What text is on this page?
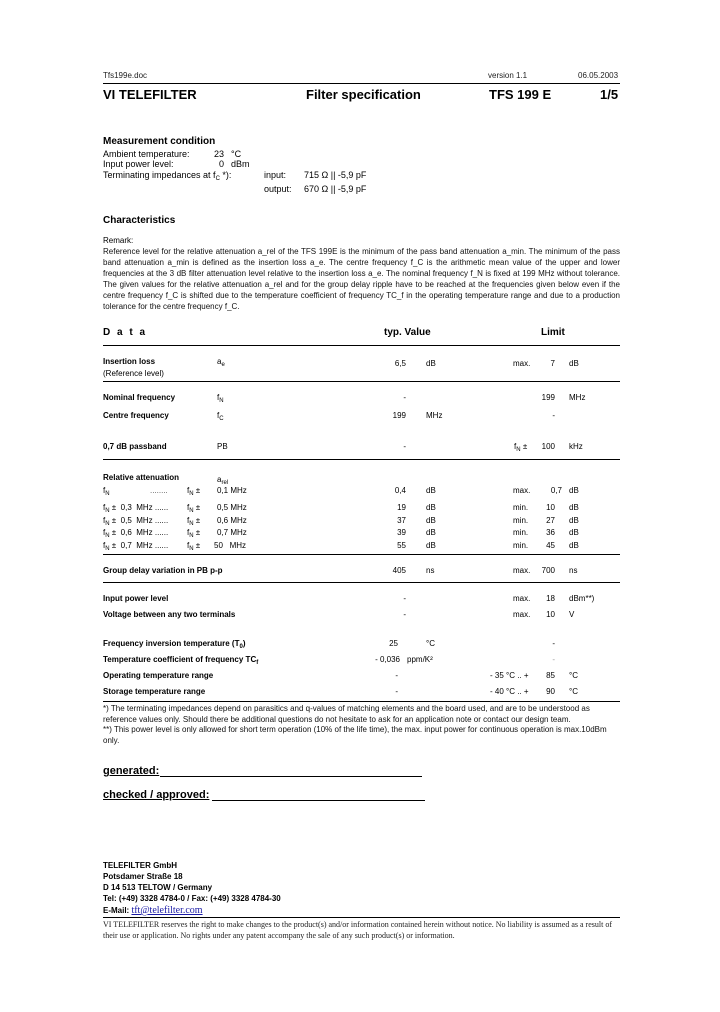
Tfs199e.doc	version 1.1	06.05.2003
VI TELEFILTER	Filter specification	TFS 199 E	1/5
Measurement condition
Ambient temperature:	23 °C
Input power level:	0 dBm
Terminating impedances at $f_C$ *):	input: 715 Ω || -5,9 pF
output: 670 Ω || -5,9 pF
Characteristics
Remark:
Reference level for the relative attenuation a_rel of the TFS 199E is the minimum of the pass band attenuation a_min. The minimum of the pass band attenuation a_min is defined as the insertion loss a_e. The centre frequency f_C is the arithmetic mean value of the upper and lower frequencies at the 3 dB filter attenuation level relative to the insertion loss a_e. The nominal frequency f_N is fixed at 199 MHz without tolerance. The given values for the relative attenuation a_rel and for the group delay ripple have to be reached at the frequencies given below even if the centre frequency f_C is shifted due to the temperature coefficient of frequency TC_f in the operating temperature range and due to a production tolerance for the centre frequency f_C.
D a t a	typ. Value	Limit
Insertion loss
(Reference level)
$a_e$	6,5	dB	max.	7 dB
Nominal frequency	$f_N$	-	199 MHz
Centre frequency	$f_C$	199	MHz	-
0,7 dB passband	PB	-	$f_N$ ±	100 kHz
Relative attenuation	$a_{rel}$
$f_N$	........ $f_N \pm 0,1$ MHz	0,4	dB	max.	0,7 dB
$f_N \pm 0,3$  MHz ...... $f_N \pm 0,5$ MHz	19	dB	min.	10 dB
$f_N \pm 0,5$  MHz ...... $f_N \pm 0,6$ MHz	37	dB	min.	27 dB
$f_N \pm 0,6$  MHz ...... $f_N \pm 0,7$ MHz	39	dB	min.	36 dB
$f_N \pm 0,7$  MHz ...... $f_N \pm 50$   MHz	55	dB	min.	45 dB
Group delay variation in PB p-p	405	ns	max.	700 ns
Input power level	-	max.	18 dBm**)
Voltage between any two terminals	-	max.	10 V
Frequency inversion temperature $(T_0)$	25	°C	-
Temperature coefficient of frequency $TC_f$	- 0,036 ppm/K²	-
Operating temperature range	-	- 35 °C .. +	85 °C
Storage temperature range	-	- 40 °C .. +	90 °C
*) The terminating impedances depend on parasitics and q-values of matching elements and the board used, and are to be understood as reference values only. Should there be additional questions do not hesitate to ask for an application note or contact our design team.
**) This power level is only allowed for short term operation (10% of the life time), the max. input power for continuous operation is max.10dBm only.
generated:
checked / approved:
TELEFILTER GmbH
Potsdamer Straße 18
D 14 513 TELTOW / Germany
Tel: (+49) 3328 4784-0 / Fax: (+49) 3328 4784-30
E-Mail: tft@telefilter.com
VI TELEFILTER reserves the right to make changes to the product(s) and/or information contained herein without notice. No liability is assumed as a result of their use or application. No rights under any patent accompany the sale of any such product(s) or information.
